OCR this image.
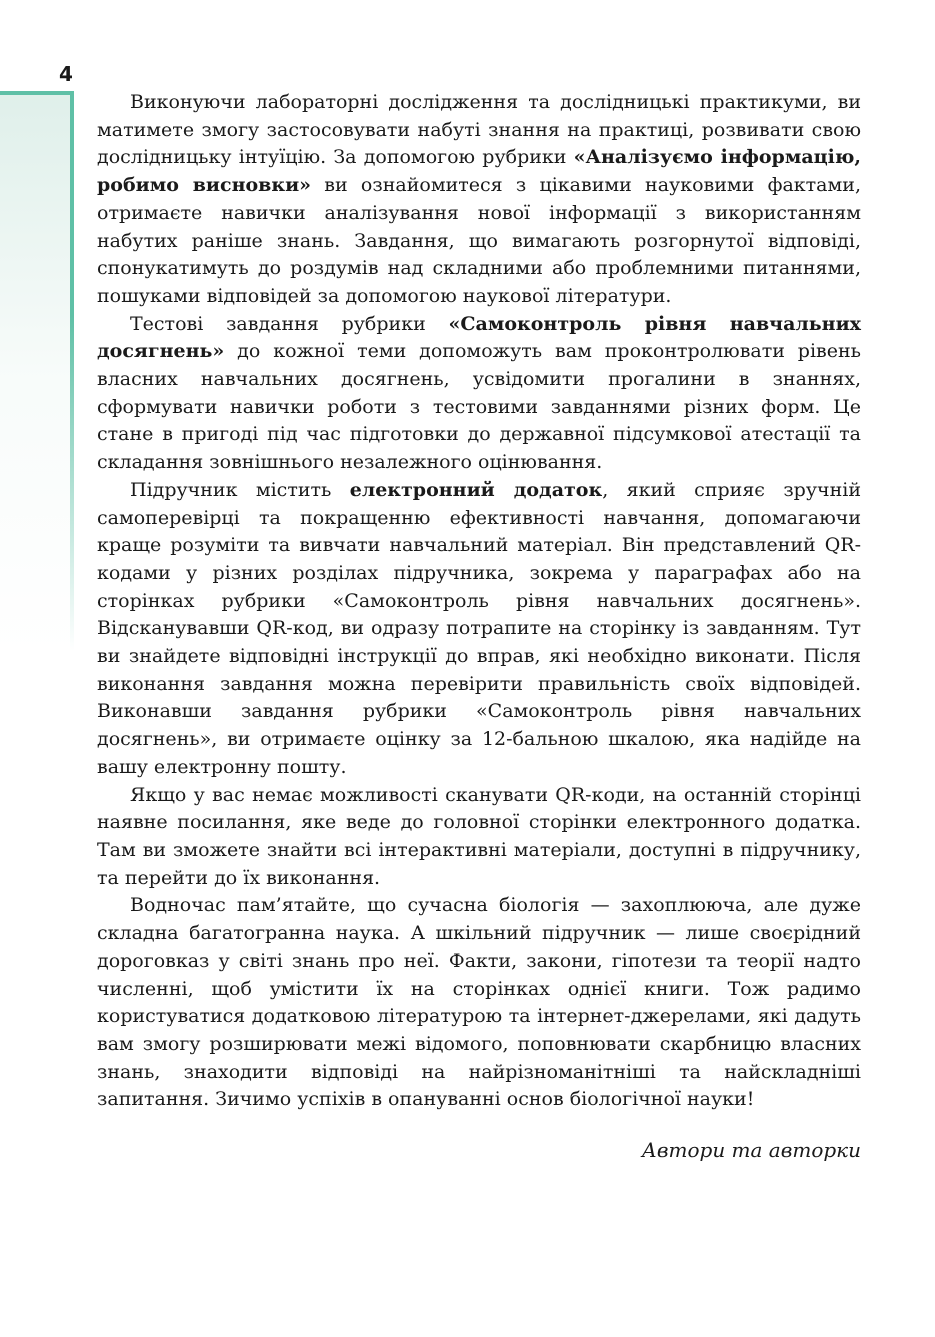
4

Виконуючи лабораторні дослідження та дослідницькі практикуми, ви матимете змогу застосовувати набуті знання на практиці, розвивати свою дослідницьку інтуїцію. За допомогою рубрики «Аналізуємо інформацію, робимо висновки» ви ознайомитеся з цікавими науковими фактами, отримаєте навички аналізування нової інформації з використанням набутих раніше знань. Завдання, що вимагають розгорнутої відповіді, спонукатимуть до роздумів над складними або проблемними питаннями, пошуками відповідей за допомогою наукової літератури.

Тестові завдання рубрики «Самоконтроль рівня навчальних досягнень» до кожної теми допоможуть вам проконтролювати рівень власних навчальних досягнень, усвідомити прогалини в знаннях, сформувати навички роботи з тестовими завданнями різних форм. Це стане в пригоді під час підготовки до державної підсумкової атестації та складання зовнішнього незалежного оцінювання.

Підручник містить електронний додаток, який сприяє зручній самоперевірці та покращенню ефективності навчання, допомагаючи краще розуміти та вивчати навчальний матеріал. Він представлений QR-кодами у різних розділах підручника, зокрема у параграфах або на сторінках рубрики «Самоконтроль рівня навчальних досягнень». Відсканувавши QR-код, ви одразу потрапите на сторінку із завданням. Тут ви знайдете відповідні інструкції до вправ, які необхідно виконати. Після виконання завдання можна перевірити правильність своїх відповідей. Виконавши завдання рубрики «Самоконтроль рівня навчальних досягнень», ви отримаєте оцінку за 12-бальною шкалою, яка надійде на вашу електронну пошту.

Якщо у вас немає можливості сканувати QR-коди, на останній сторінці наявне посилання, яке веде до головної сторінки електронного додатка. Там ви зможете знайти всі інтерактивні матеріали, доступні в підручнику, та перейти до їх виконання.

Водночас пам’ятайте, що сучасна біологія — захоплююча, але дуже складна багатогранна наука. А шкільний підручник — лише своєрідний дороговказ у світі знань про неї. Факти, закони, гіпотези та теорії надто численні, щоб умістити їх на сторінках однієї книги. Тож радимо користуватися додатковою літературою та інтернет-джерелами, які дадуть вам змогу розширювати межі відомого, поповнювати скарбницю власних знань, знаходити відповіді на найрізноманітніші та найскладніші запитання. Зичимо успіхів в опануванні основ біологічної науки!

Автори та авторки
